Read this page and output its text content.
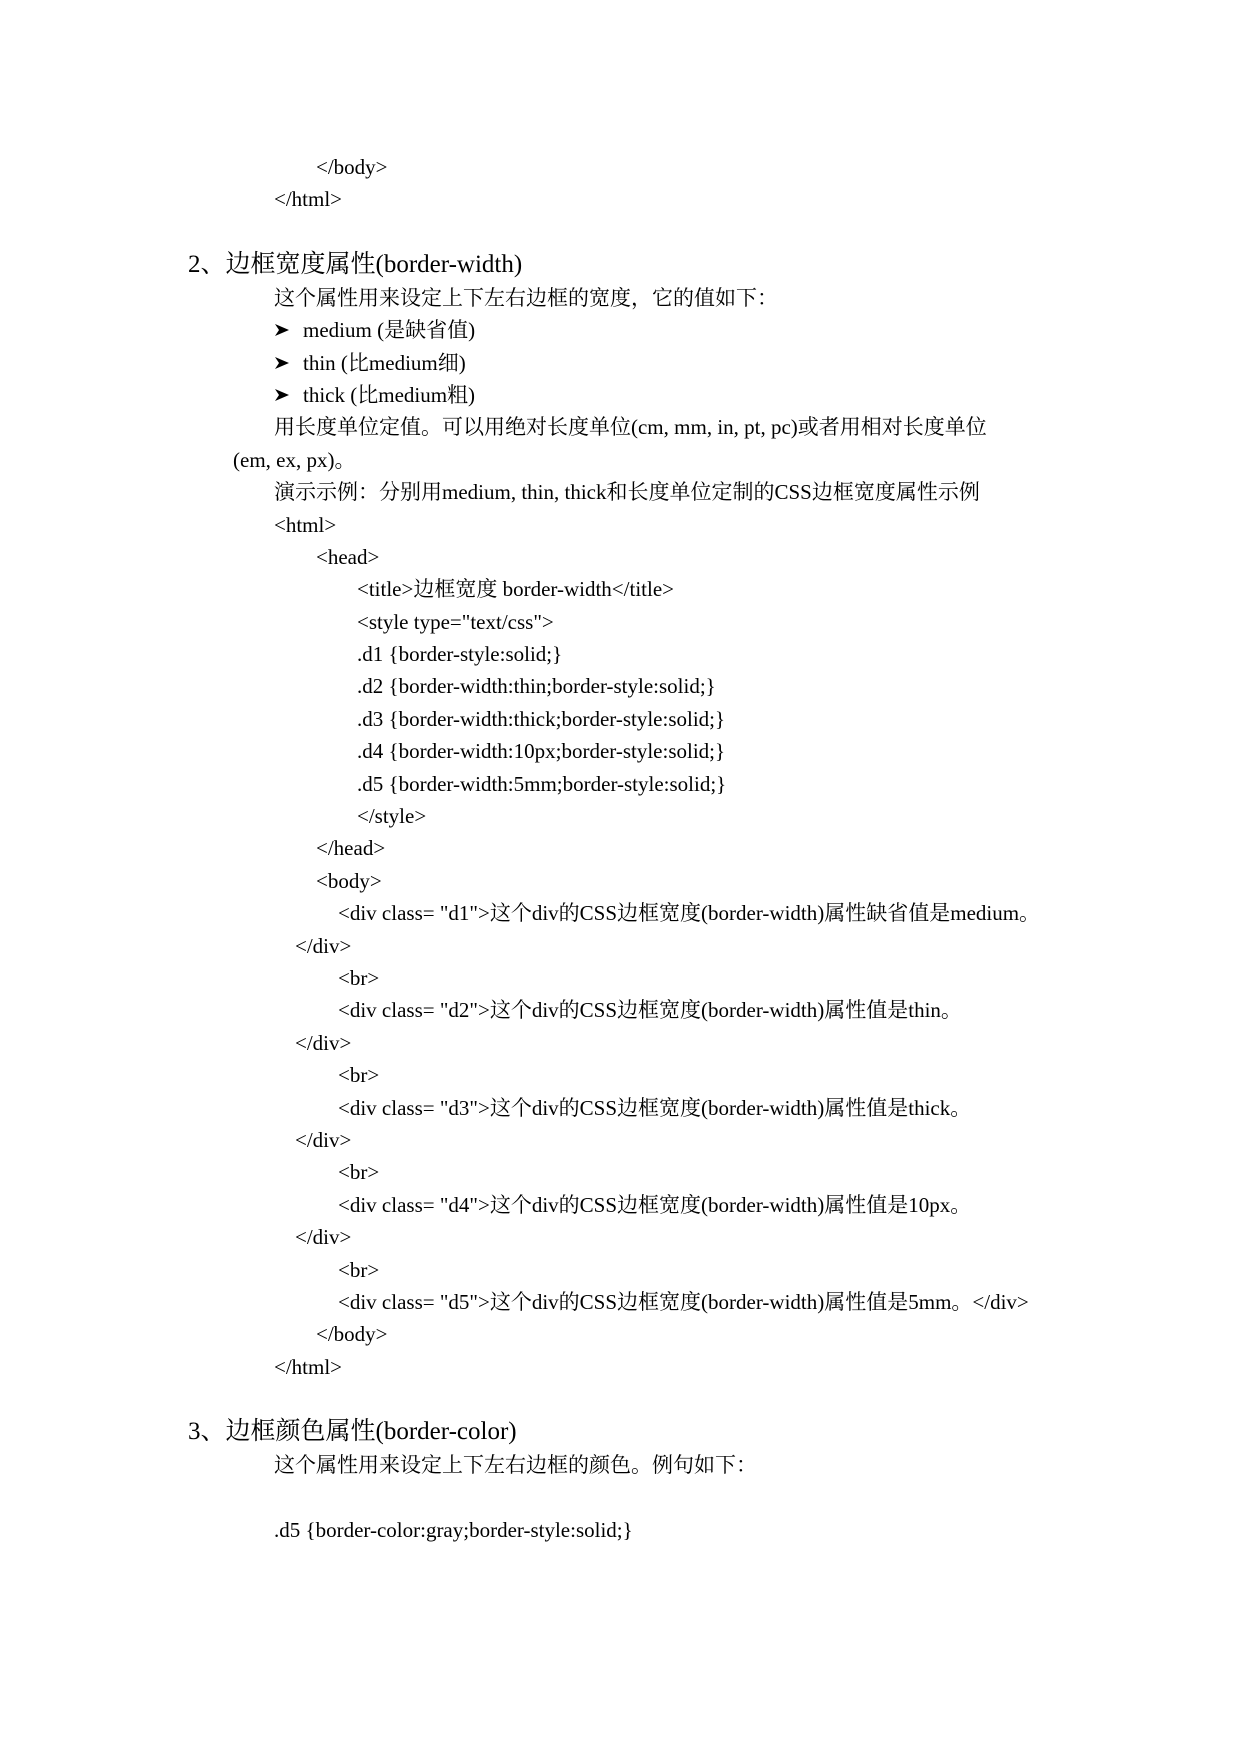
</body>
</html>
2、边框宽度属性(border-width)
这个属性用来设定上下左右边框的宽度，它的值如下：
medium (是缺省值)
thin (比medium细)
thick (比medium粗)
用长度单位定值。可以用绝对长度单位(cm, mm, in, pt, pc)或者用相对长度单位
(em, ex, px)。
演示示例：分别用medium, thin, thick和长度单位定制的CSS边框宽度属性示例
<html>
<head>
<title>边框宽度 border-width</title>
<style type="text/css">
.d1 {border-style:solid;}
.d2 {border-width:thin;border-style:solid;}
.d3 {border-width:thick;border-style:solid;}
.d4 {border-width:10px;border-style:solid;}
.d5 {border-width:5mm;border-style:solid;}
</style>
</head>
<body>
<div class= "d1">这个div的CSS边框宽度(border-width)属性缺省值是medium。
</div>
<br>
<div class= "d2">这个div的CSS边框宽度(border-width)属性值是thin。
</div>
<br>
<div class= "d3">这个div的CSS边框宽度(border-width)属性值是thick。
</div>
<br>
<div class= "d4">这个div的CSS边框宽度(border-width)属性值是10px。
</div>
<br>
<div class= "d5">这个div的CSS边框宽度(border-width)属性值是5mm。</div>
</body>
</html>
3、边框颜色属性(border-color)
这个属性用来设定上下左右边框的颜色。例句如下：
.d5 {border-color:gray;border-style:solid;}
